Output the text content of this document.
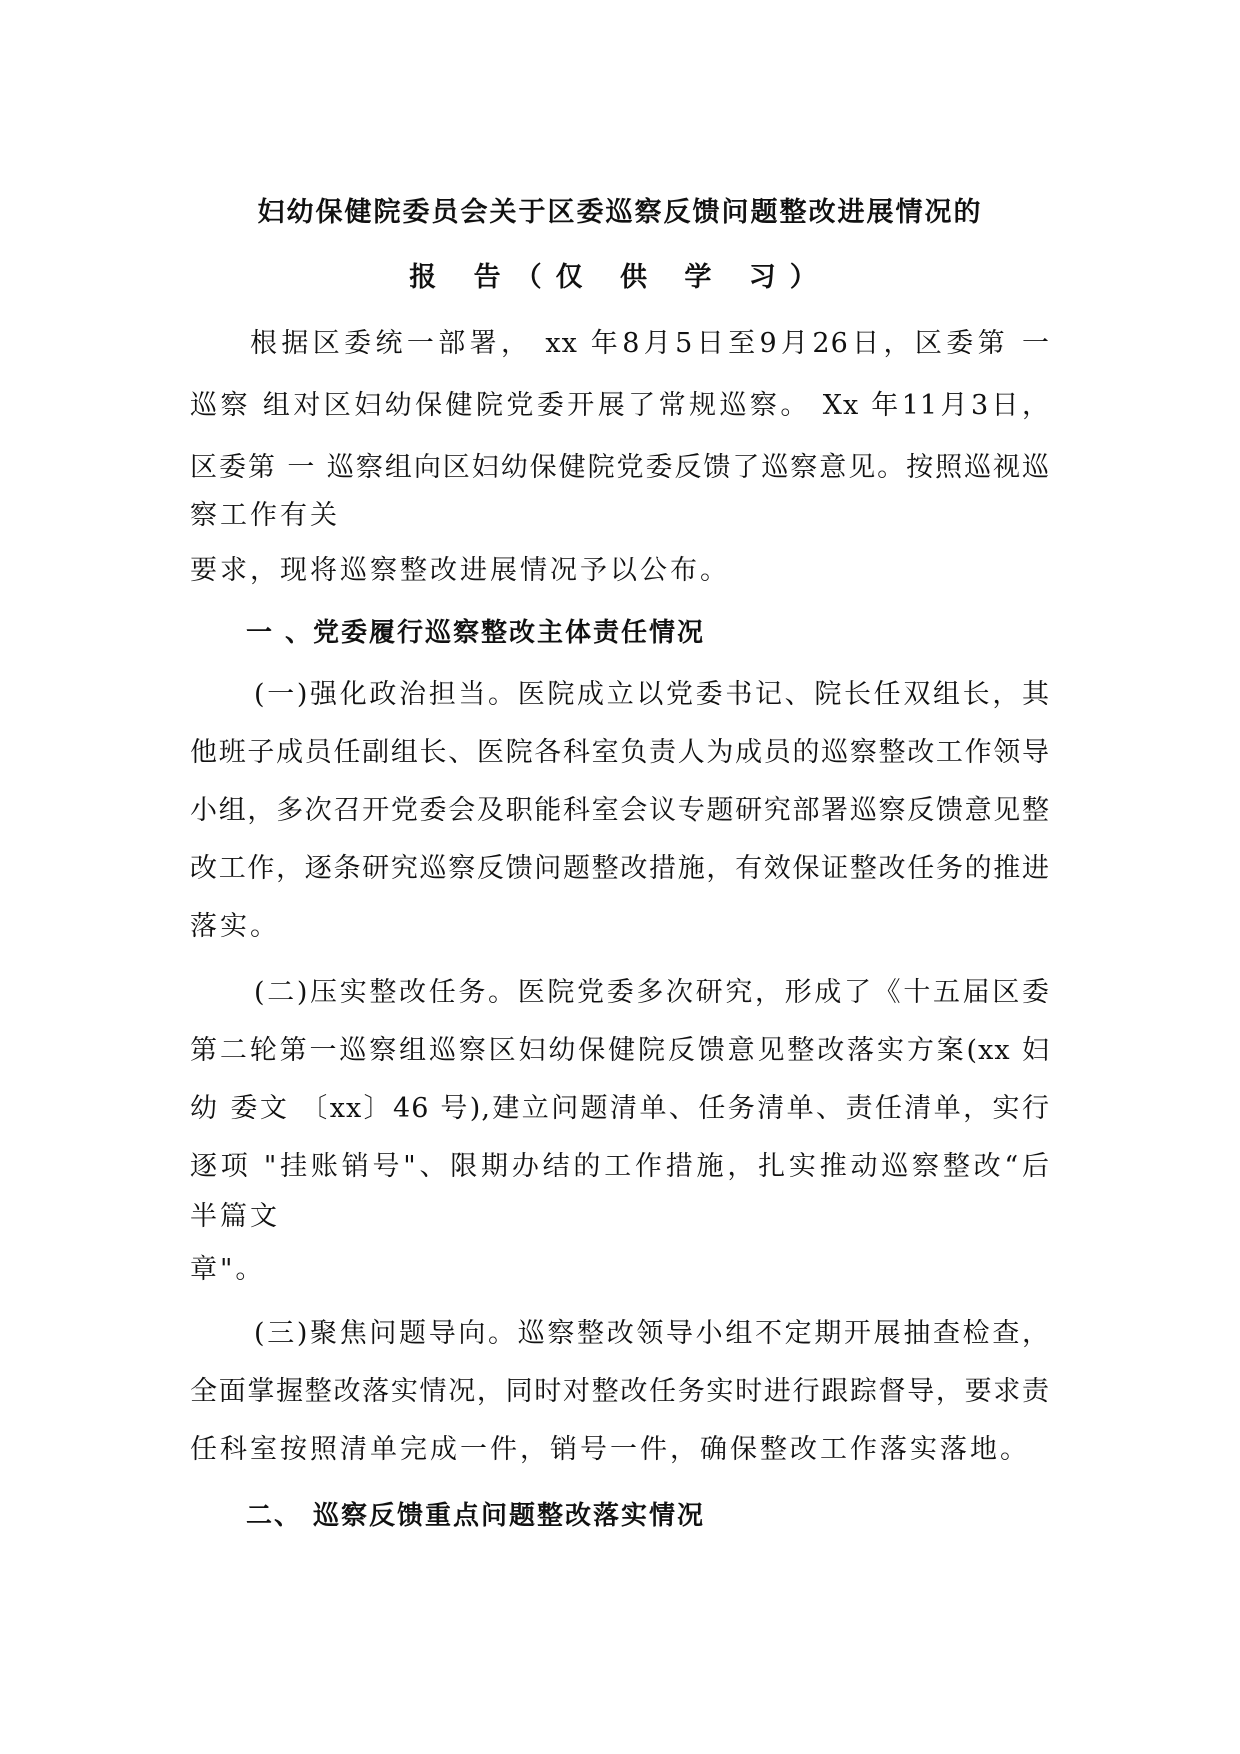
妇幼保健院委员会关于区委巡察反馈问题整改进展情况的
报 告（仅 供 学 习）
根据区委统一部署， xx 年8月5日至9月26日，区委第 一
巡察 组对区妇幼保健院党委开展了常规巡察。 Xx 年11月3日，
区委第 一 巡察组向区妇幼保健院党委反馈了巡察意见。按照巡视巡
察工作有关
要求，现将巡察整改进展情况予以公布。
一 、党委履行巡察整改主体责任情况
(一)强化政治担当。医院成立以党委书记、院长任双组长，其
他班子成员任副组长、医院各科室负责人为成员的巡察整改工作领导
小组，多次召开党委会及职能科室会议专题研究部署巡察反馈意见整
改工作，逐条研究巡察反馈问题整改措施，有效保证整改任务的推进
落实。
(二)压实整改任务。医院党委多次研究，形成了《十五届区委
第二轮第一巡察组巡察区妇幼保健院反馈意见整改落实方案(xx 妇
幼 委文 〔xx〕46 号),建立问题清单、任务清单、责任清单，实行
逐项 "挂账销号"、限期办结的工作措施，扎实推动巡察整改“后
半篇文
章"。
(三)聚焦问题导向。巡察整改领导小组不定期开展抽查检查，
全面掌握整改落实情况，同时对整改任务实时进行跟踪督导，要求责
任科室按照清单完成一件，销号一件，确保整改工作落实落地。
二、 巡察反馈重点问题整改落实情况
